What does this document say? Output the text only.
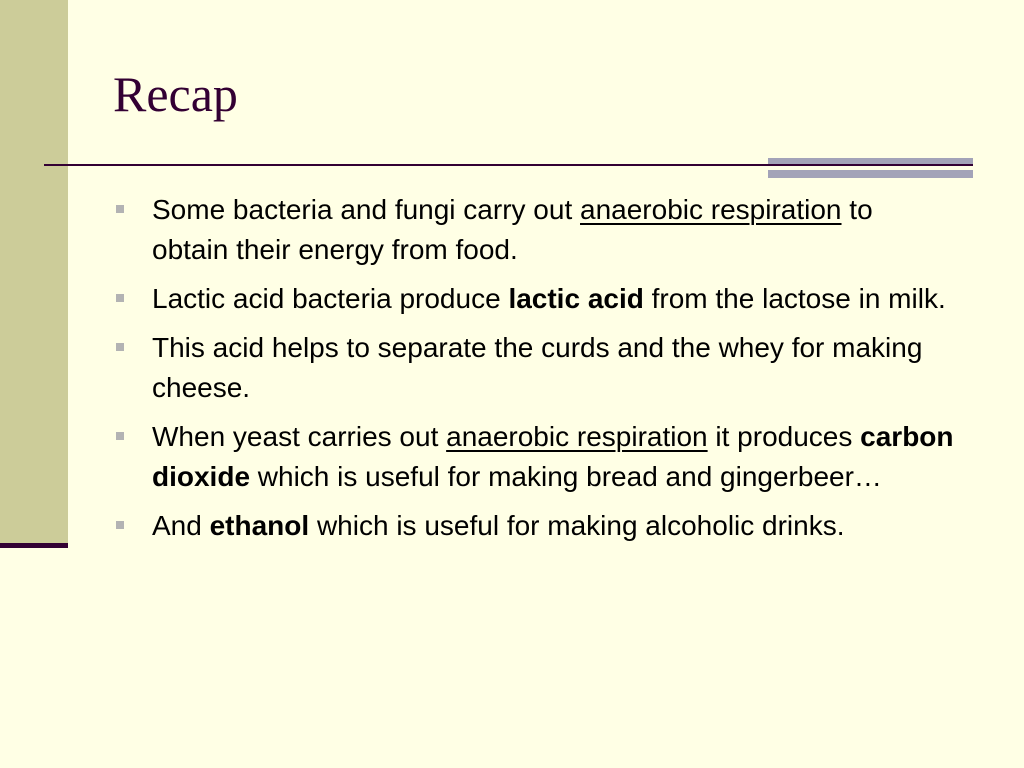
Recap
Some bacteria and fungi carry out anaerobic respiration to obtain their energy from food.
Lactic acid bacteria produce lactic acid from the lactose in milk.
This acid helps to separate the curds and the whey for making cheese.
When yeast carries out anaerobic respiration it produces carbon dioxide which is useful for making bread and gingerbeer…
And ethanol which is useful for making alcoholic drinks.
